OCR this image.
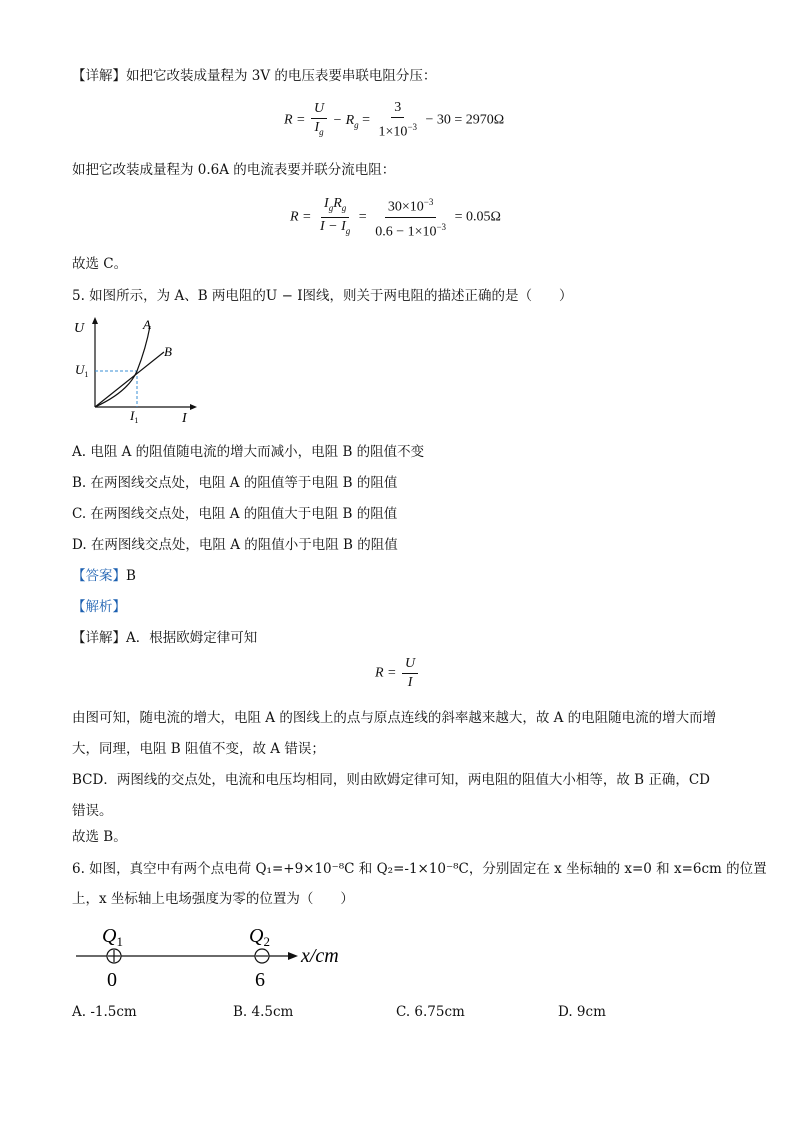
【详解】如把它改装成量程为 3V 的电压表要串联电阻分压：
$R = \frac{U}{I_g} - R_g = \frac{3}{1\times 10^{-3}} - 30 = 2970\Omega$
如把它改装成量程为 0.6A 的电流表要并联分流电阻：
$R = \frac{I_gR_g}{I - I_g} = \frac{30\times 10^{-3}}{0.6 - 1\times 10^{-3}} = 0.05\Omega$
故选 C。
5. 如图所示，为 A、B 两电阻的U − I图线，则关于两电阻的描述正确的是（　　）
U
I
A
B
$U_1$
$I_1$
A. 电阻 A 的阻值随电流的增大而减小，电阻 B 的阻值不变
B. 在两图线交点处，电阻 A 的阻值等于电阻 B 的阻值
C. 在两图线交点处，电阻 A 的阻值大于电阻 B 的阻值
D. 在两图线交点处，电阻 A 的阻值小于电阻 B 的阻值
【答案】B
【解析】
【详解】A．根据欧姆定律可知
$R = \frac{U}{I}$
由图可知，随电流的增大，电阻 A 的图线上的点与原点连线的斜率越来越大，故 A 的电阻随电流的增大而增大，同理，电阻 B 阻值不变，故 A 错误；
BCD．两图线的交点处，电流和电压均相同，则由欧姆定律可知，两电阻的阻值大小相等，故 B 正确，CD 错误。
故选 B。
6. 如图，真空中有两个点电荷 Q₁=+9×10⁻⁸C 和 Q₂=-1×10⁻⁸C，分别固定在 x 坐标轴的 x=0 和 x=6cm 的位置
上，x 坐标轴上电场强度为零的位置为（　　）
$Q_1$	$Q_2$
0	6
x/cm
A. -1.5cm	B. 4.5cm	C. 6.75cm	D. 9cm
